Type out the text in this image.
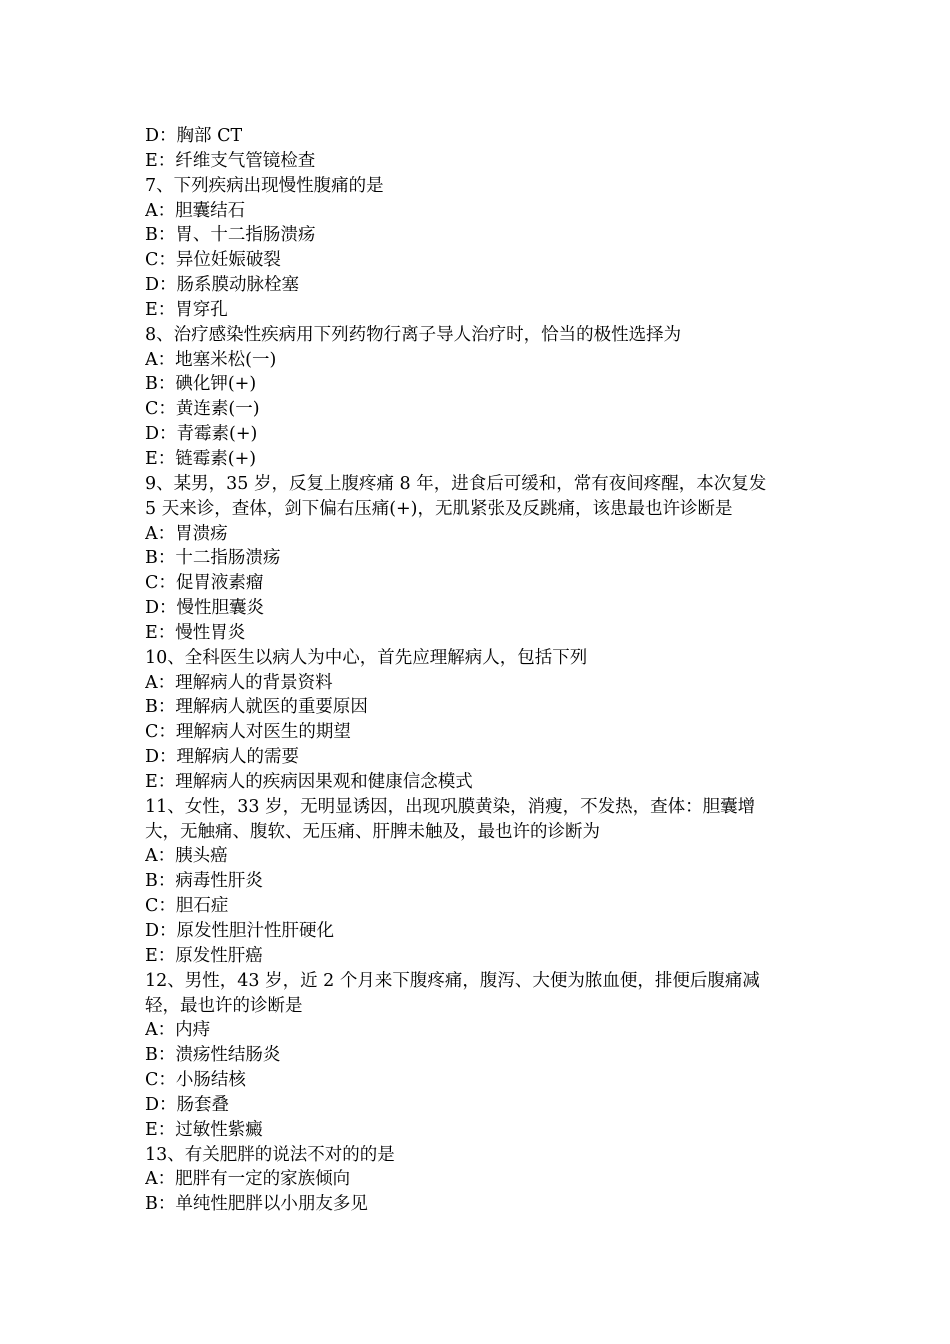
D：胸部 CT
E：纤维支气管镜检查
7、下列疾病出现慢性腹痛的是
A：胆囊结石
B：胃、十二指肠溃疡
C：异位妊娠破裂
D：肠系膜动脉栓塞
E：胃穿孔
8、治疗感染性疾病用下列药物行离子导人治疗时，恰当的极性选择为
A：地塞米松(一)
B：碘化钾(+)
C：黄连素(一)
D：青霉素(+)
E：链霉素(+)
9、某男，35 岁，反复上腹疼痛 8 年，进食后可缓和，常有夜间疼醒，本次复发
5 天来诊，查体，剑下偏右压痛(+)，无肌紧张及反跳痛，该患最也许诊断是
A：胃溃疡
B：十二指肠溃疡
C：促胃液素瘤
D：慢性胆囊炎
E：慢性胃炎
10、全科医生以病人为中心，首先应理解病人，包括下列
A：理解病人的背景资料
B：理解病人就医的重要原因
C：理解病人对医生的期望
D：理解病人的需要
E：理解病人的疾病因果观和健康信念模式
11、女性，33 岁，无明显诱因，出现巩膜黄染，消瘦，不发热，查体：胆囊增
大，无触痛、腹软、无压痛、肝脾未触及，最也许的诊断为
A：胰头癌
B：病毒性肝炎
C：胆石症
D：原发性胆汁性肝硬化
E：原发性肝癌
12、男性，43 岁，近 2 个月来下腹疼痛，腹泻、大便为脓血便，排便后腹痛减
轻，最也许的诊断是
A：内痔
B：溃疡性结肠炎
C：小肠结核
D：肠套叠
E：过敏性紫癜
13、有关肥胖的说法不对的的是
A：肥胖有一定的家族倾向
B：单纯性肥胖以小朋友多见
